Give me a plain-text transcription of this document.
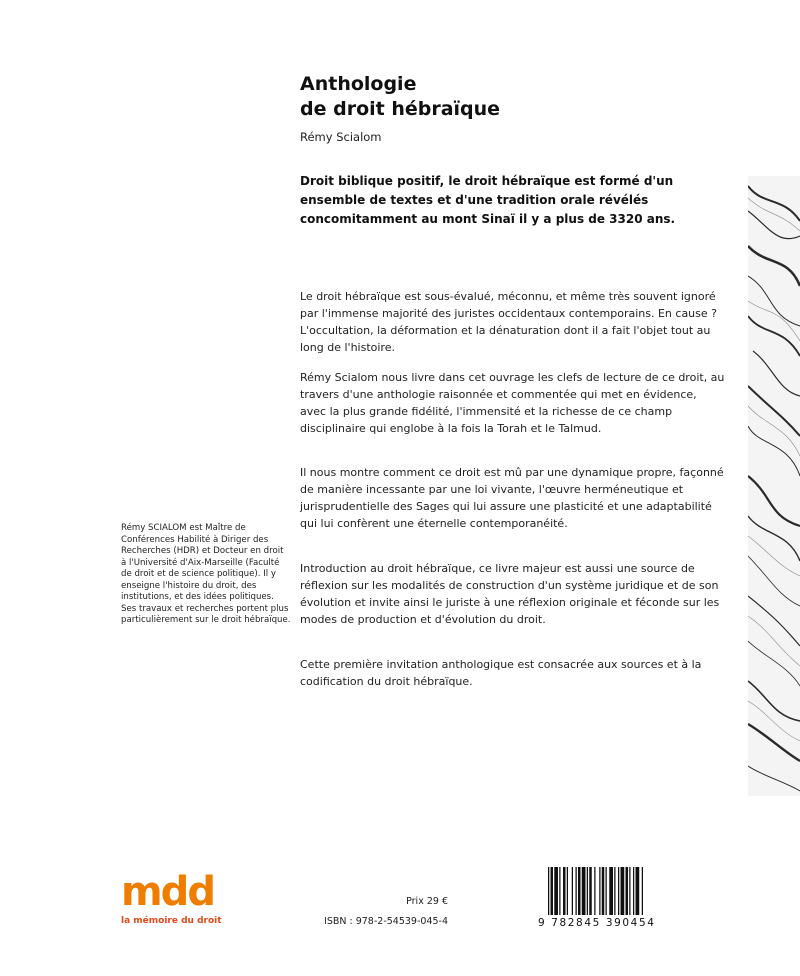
Anthologie
de droit hébraïque
Rémy Scialom
Droit biblique positif, le droit hébraïque est formé d'un ensemble de textes et d'une tradition orale révélés concomitamment au mont Sinaï il y a plus de 3320 ans.

Le droit hébraïque est sous-évalué, méconnu, et même très souvent ignoré par l'immense majorité des juristes occidentaux contemporains. En cause ? L'occultation, la déformation et la dénaturation dont il a fait l'objet tout au long de l'histoire.

Rémy Scialom nous livre dans cet ouvrage les clefs de lecture de ce droit, au travers d'une anthologie raisonnée et commentée qui met en évidence, avec la plus grande fidélité, l'immensité et la richesse de ce champ disciplinaire qui englobe à la fois la Torah et le Talmud.

Il nous montre comment ce droit est mû par une dynamique propre, façonné de manière incessante par une loi vivante, l'œuvre herméneutique et jurisprudentielle des Sages qui lui assure une plasticité et une adaptabilité qui lui confèrent une éternelle contemporanéité.

Introduction au droit hébraïque, ce livre majeur est aussi une source de réflexion sur les modalités de construction d'un système juridique et de son évolution et invite ainsi le juriste à une réflexion originale et féconde sur les modes de production et d'évolution du droit.

Cette première invitation anthologique est consacrée aux sources et à la codification du droit hébraïque.

Rémy SCIALOM est Maître de Conférences Habilité à Diriger des Recherches (HDR) et Docteur en droit à l'Université d'Aix-Marseille (Faculté de droit et de science politique). Il y enseigne l'histoire du droit, des institutions, et des idées politiques. Ses travaux et recherches portent plus particulièrement sur le droit hébraïque.

mdd
la mémoire du droit
Prix 29 €
ISBN : 978-2-54539-045-4	9 782845 390454
